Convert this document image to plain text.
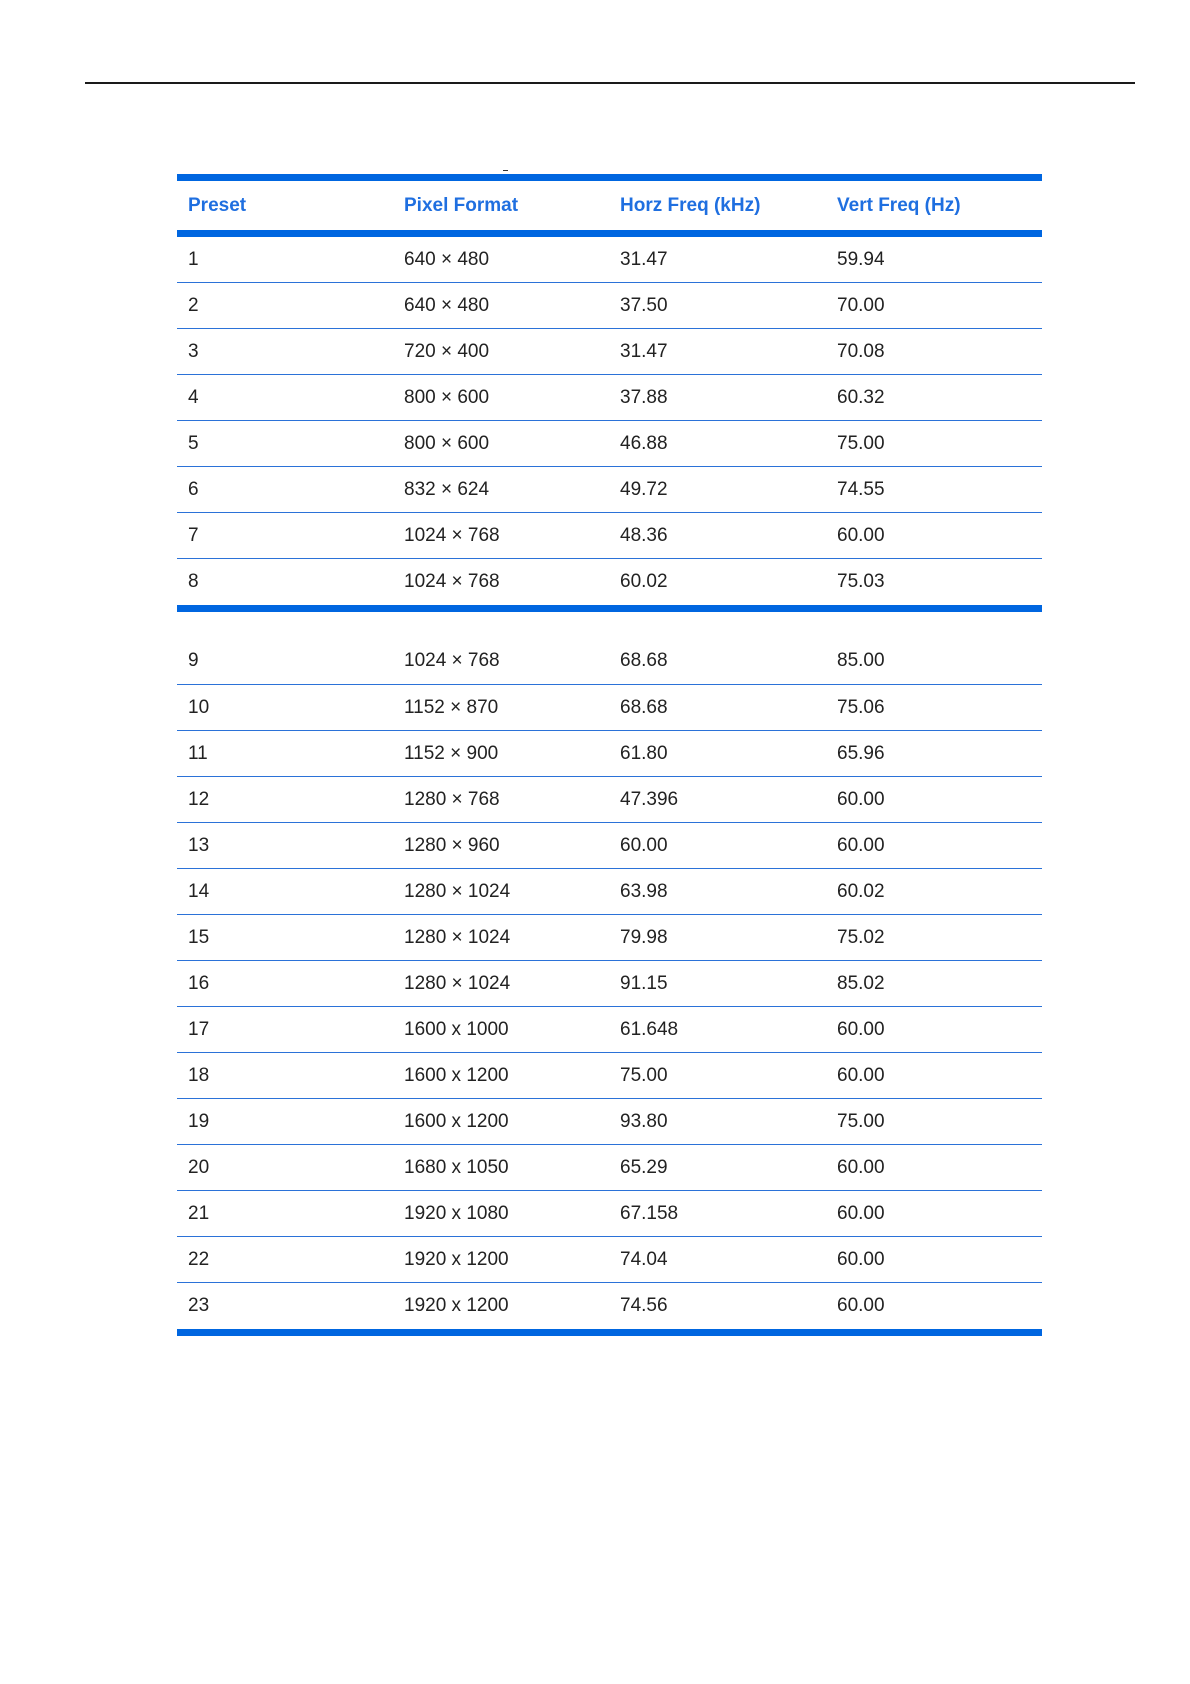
Preset	Pixel Format	Horz Freq (kHz)	Vert Freq (Hz)
1	640 × 480	31.47	59.94
2	640 × 480	37.50	70.00
3	720 × 400	31.47	70.08
4	800 × 600	37.88	60.32
5	800 × 600	46.88	75.00
6	832 × 624	49.72	74.55
7	1024 × 768	48.36	60.00
8	1024 × 768	60.02	75.03
9	1024 × 768	68.68	85.00
10	1152 × 870	68.68	75.06
11	1152 × 900	61.80	65.96
12	1280 × 768	47.396	60.00
13	1280 × 960	60.00	60.00
14	1280 × 1024	63.98	60.02
15	1280 × 1024	79.98	75.02
16	1280 × 1024	91.15	85.02
17	1600 x 1000	61.648	60.00
18	1600 x 1200	75.00	60.00
19	1600 x 1200	93.80	75.00
20	1680 x 1050	65.29	60.00
21	1920 x 1080	67.158	60.00
22	1920 x 1200	74.04	60.00
23	1920 x 1200	74.56	60.00
